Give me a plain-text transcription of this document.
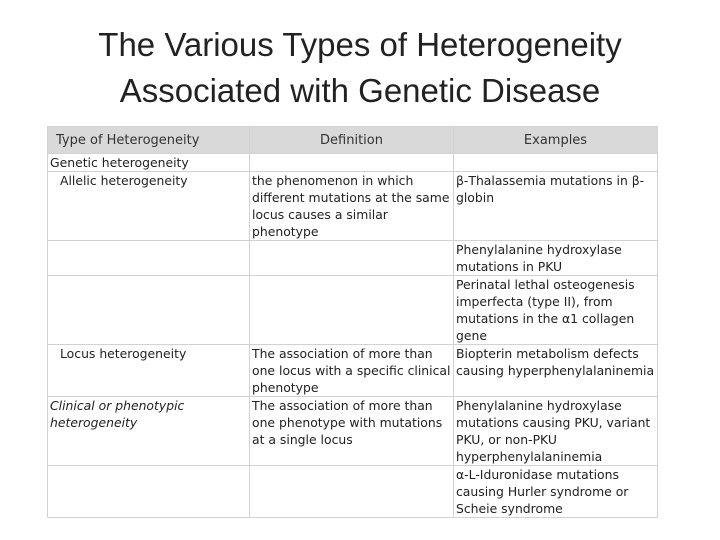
The Various Types of Heterogeneity
Associated with Genetic Disease
Type of Heterogeneity	Definition	Examples
Genetic heterogeneity		
Allelic heterogeneity	the phenomenon in which different mutations at the same locus causes a similar phenotype	β-Thalassemia mutations in β-globin
		Phenylalanine hydroxylase mutations in PKU
		Perinatal lethal osteogenesis imperfecta (type II), from mutations in the α1 collagen gene
Locus heterogeneity	The association of more than one locus with a specific clinical phenotype	Biopterin metabolism defects causing hyperphenylalaninemia
Clinical or phenotypic heterogeneity	The association of more than one phenotype with mutations at a single locus	Phenylalanine hydroxylase mutations causing PKU, variant PKU, or non-PKU hyperphenylalaninemia
		α-L-Iduronidase mutations causing Hurler syndrome or Scheie syndrome
